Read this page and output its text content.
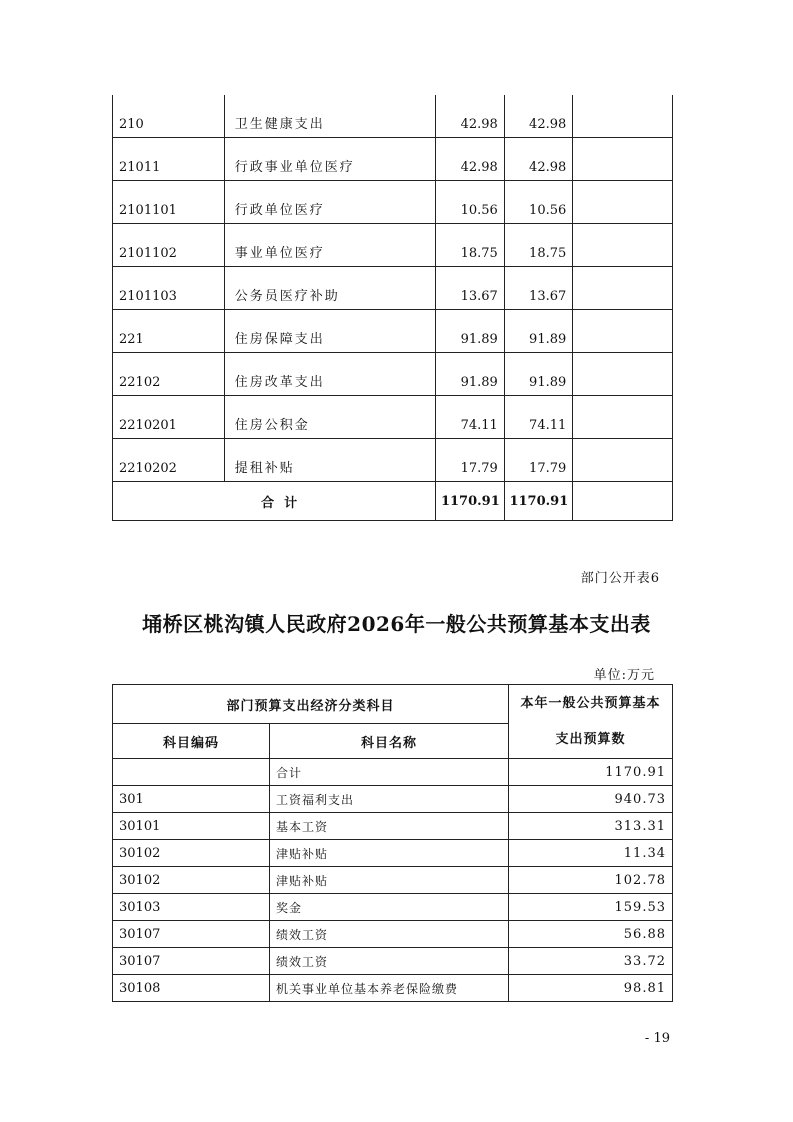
210	卫生健康支出	42.98	42.98	
21011	行政事业单位医疗	42.98	42.98	
2101101	行政单位医疗	10.56	10.56	
2101102	事业单位医疗	18.75	18.75	
2101103	公务员医疗补助	13.67	13.67	
221	住房保障支出	91.89	91.89	
22102	住房改革支出	91.89	91.89	
2210201	住房公积金	74.11	74.11	
2210202	提租补贴	17.79	17.79	
合计		1170.91	1170.91	
部门公开表6
埇桥区桃沟镇人民政府2026年一般公共预算基本支出表
单位:万元
部门预算支出经济分类科目		本年一般公共预算基本支出预算数
科目编码	科目名称	
	合计	1170.91
301	工资福利支出	940.73
30101	基本工资	313.31
30102	津贴补贴	11.34
30102	津贴补贴	102.78
30103	奖金	159.53
30107	绩效工资	56.88
30107	绩效工资	33.72
30108	机关事业单位基本养老保险缴费	98.81
- 19
